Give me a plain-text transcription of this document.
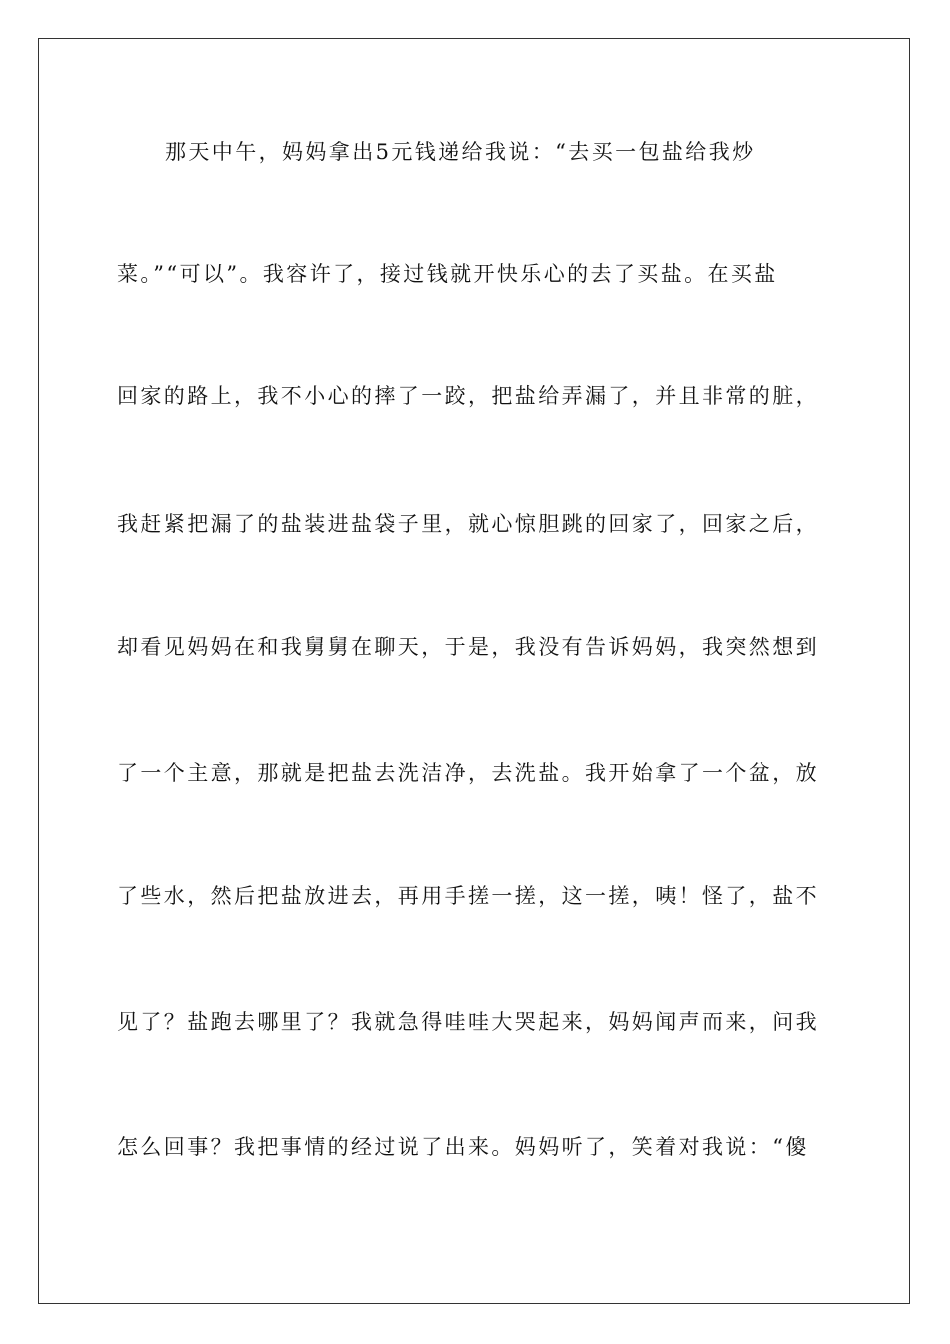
那天中午，妈妈拿出5元钱递给我说：“去买一包盐给我炒
菜。”“可以”。我容许了，接过钱就开快乐心的去了买盐。在买盐
回家的路上，我不小心的摔了一跤，把盐给弄漏了，并且非常的脏，
我赶紧把漏了的盐装进盐袋子里，就心惊胆跳的回家了，回家之后，
却看见妈妈在和我舅舅在聊天，于是，我没有告诉妈妈，我突然想到
了一个主意，那就是把盐去洗洁净，去洗盐。我开始拿了一个盆，放
了些水，然后把盐放进去，再用手搓一搓，这一搓，咦！怪了，盐不
见了？盐跑去哪里了？我就急得哇哇大哭起来，妈妈闻声而来，问我
怎么回事？我把事情的经过说了出来。妈妈听了，笑着对我说：“傻
